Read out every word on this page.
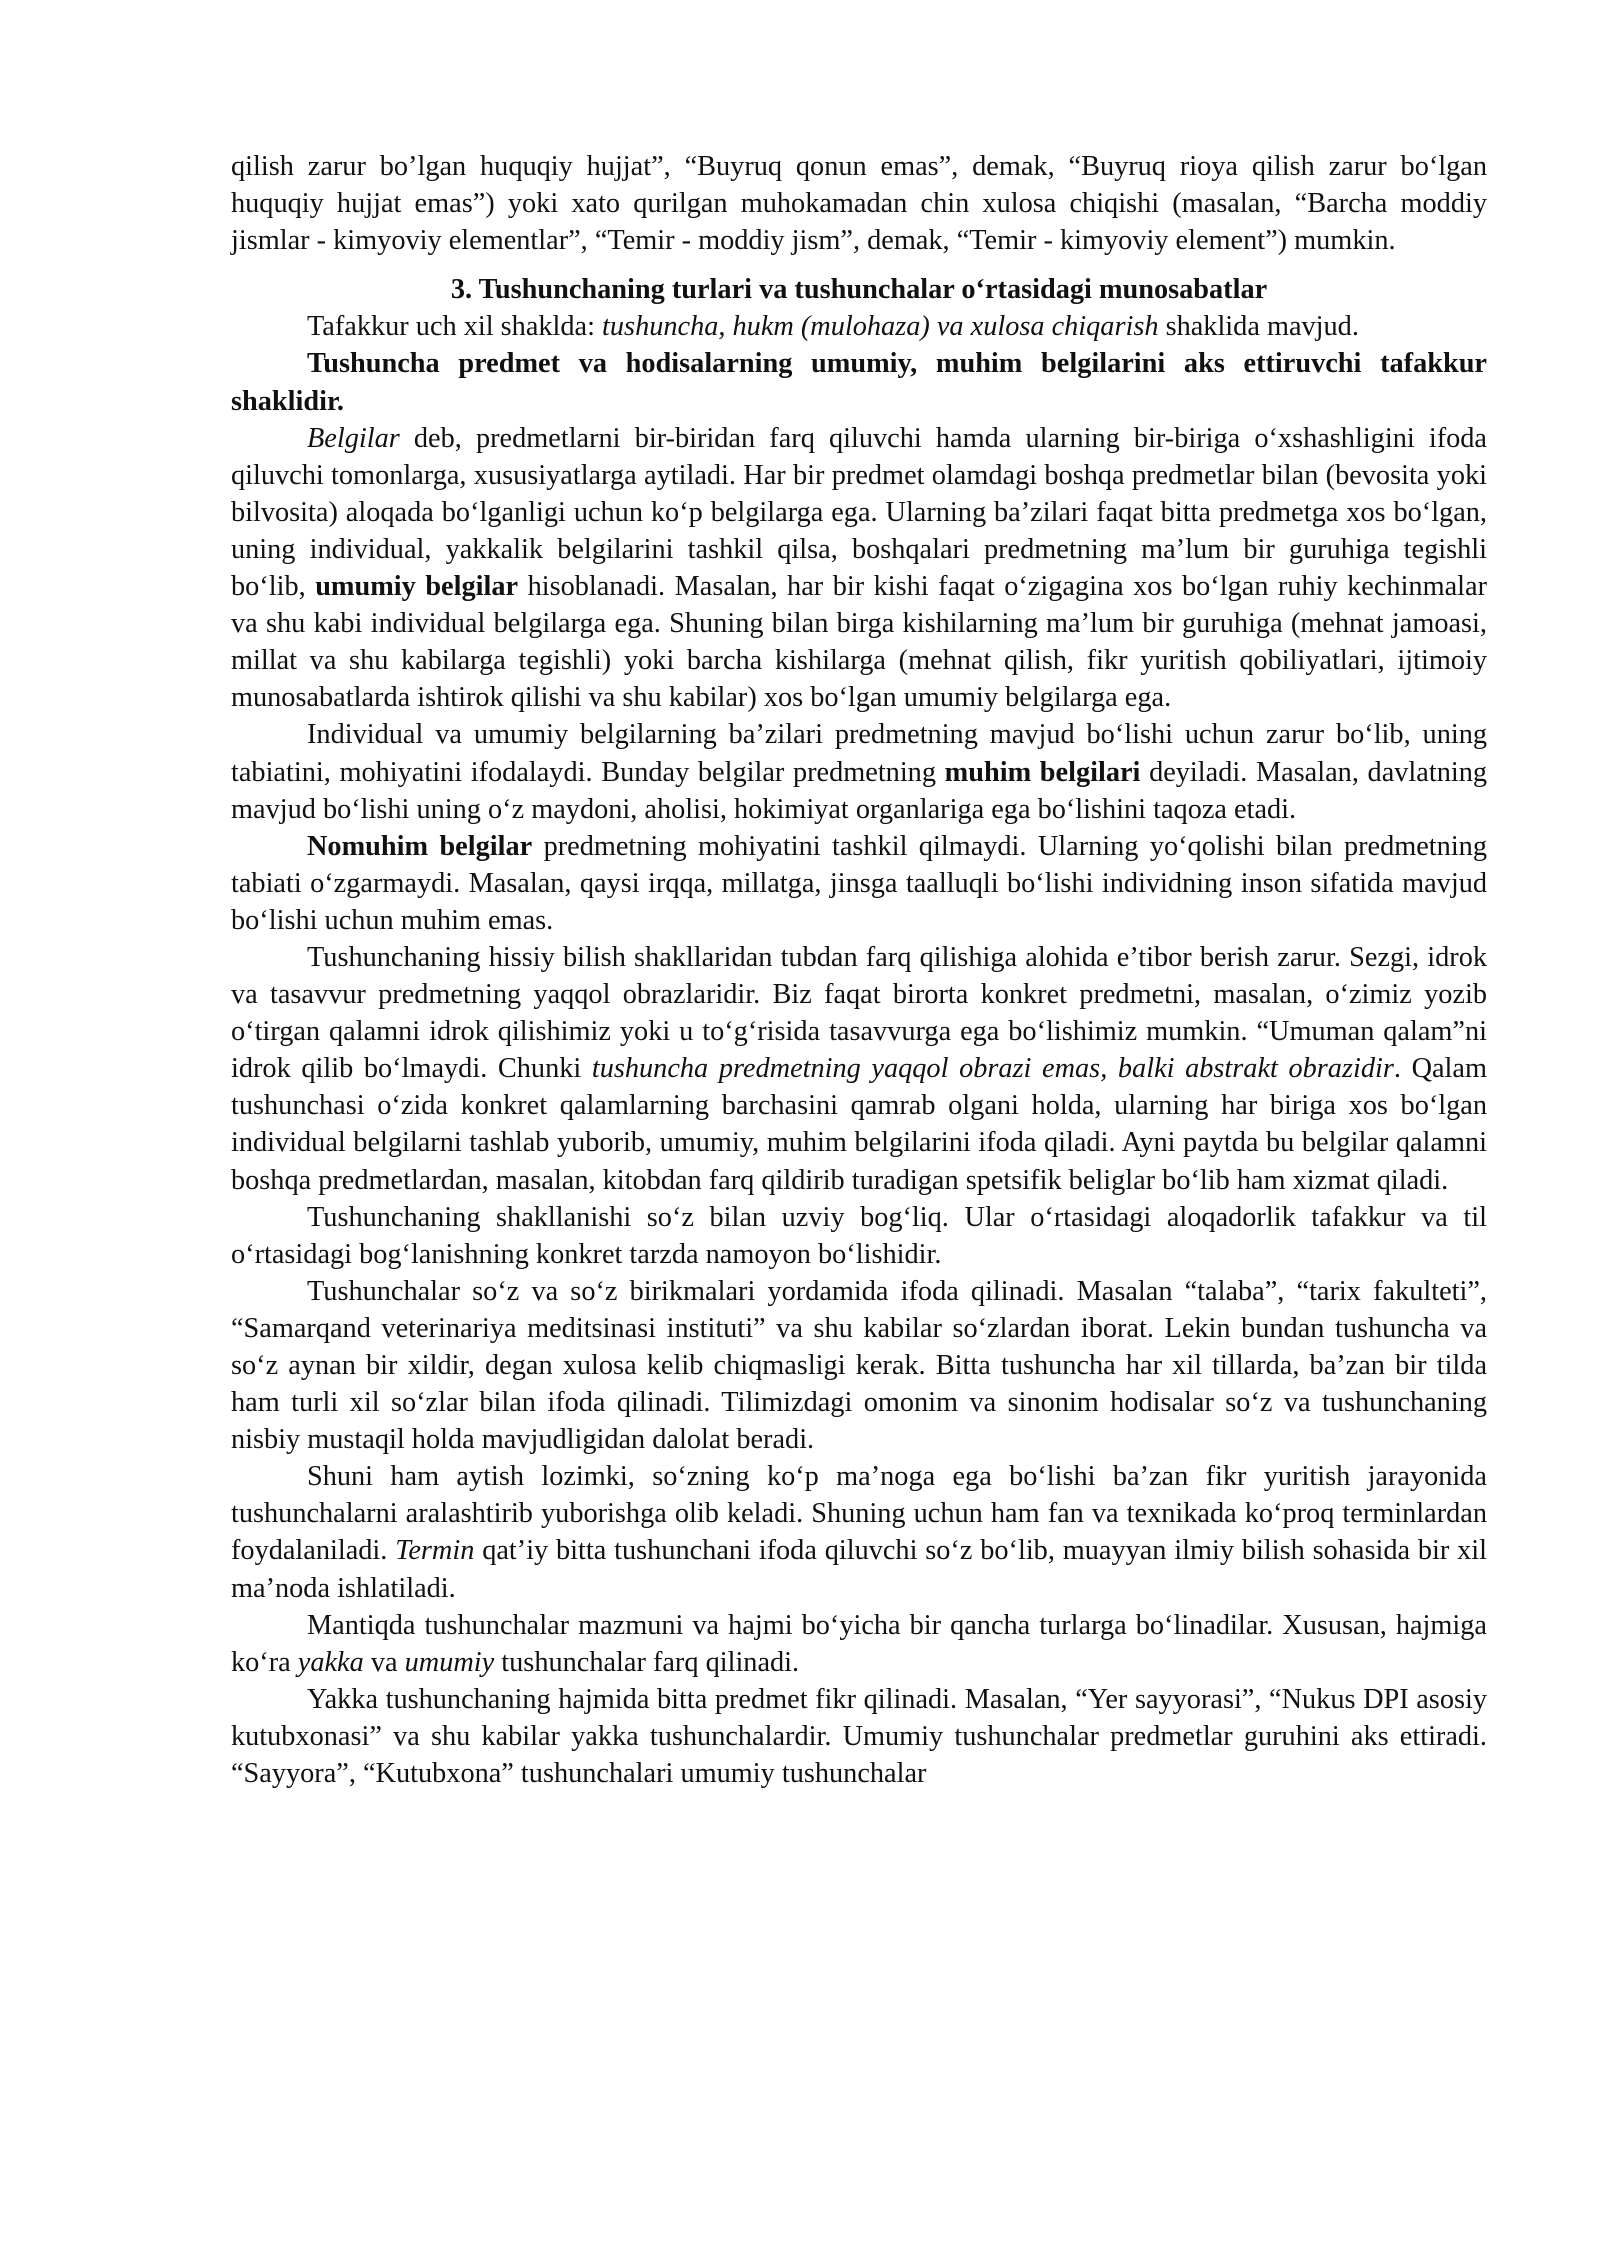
qilish zarur bo’lgan huquqiy hujjat”, “Buyruq qonun emas”, demak, “Buyruq rioya qilish zarur bo‘lgan huquqiy hujjat emas”) yoki xato qurilgan muhokamadan chin xulosa chiqishi (masalan, “Barcha moddiy jismlar - kimyoviy elementlar”, “Temir - moddiy jism”, demak, “Temir - kimyoviy element”) mumkin.

3. Tushunchaning turlari va tushunchalar o‘rtasidagi munosabatlar

Tafakkur uch xil shaklda: tushuncha, hukm (mulohaza) va xulosa chiqarish shaklida mavjud.

Tushuncha predmet va hodisalarning umumiy, muhim belgilarini aks ettiruvchi tafakkur shaklidir.

Belgilar deb, predmetlarni bir-biridan farq qiluvchi hamda ularning bir-biriga o‘xshashligini ifoda qiluvchi tomonlarga, xususiyatlarga aytiladi. Har bir predmet olamdagi boshqa predmetlar bilan (bevosita yoki bilvosita) aloqada bo‘lganligi uchun ko‘p belgilarga ega. Ularning ba’zilari faqat bitta predmetga xos bo‘lgan, uning individual, yakkalik belgilarini tashkil qilsa, boshqalari predmetning ma’lum bir guruhiga tegishli bo‘lib, umumiy belgilar hisoblanadi. Masalan, har bir kishi faqat o‘zigagina xos bo‘lgan ruhiy kechinmalar va shu kabi individual belgilarga ega. Shuning bilan birga kishilarning ma’lum bir guruhiga (mehnat jamoasi, millat va shu kabilarga tegishli) yoki barcha kishilarga (mehnat qilish, fikr yuritish qobiliyatlari, ijtimoiy munosabatlarda ishtirok qilishi va shu kabilar) xos bo‘lgan umumiy belgilarga ega.

Individual va umumiy belgilarning ba’zilari predmetning mavjud bo‘lishi uchun zarur bo‘lib, uning tabiatini, mohiyatini ifodalaydi. Bunday belgilar predmetning muhim belgilari deyiladi. Masalan, davlatning mavjud bo‘lishi uning o‘z maydoni, aholisi, hokimiyat organlariga ega bo‘lishini taqoza etadi.

Nomuhim belgilar predmetning mohiyatini tashkil qilmaydi. Ularning yo‘qolishi bilan predmetning tabiati o‘zgarmaydi. Masalan, qaysi irqqa, millatga, jinsga taalluqli bo‘lishi individning inson sifatida mavjud bo‘lishi uchun muhim emas.

Tushunchaning hissiy bilish shakllaridan tubdan farq qilishiga alohida e’tibor berish zarur. Sezgi, idrok va tasavvur predmetning yaqqol obrazlaridir. Biz faqat birorta konkret predmetni, masalan, o‘zimiz yozib o‘tirgan qalamni idrok qilishimiz yoki u to‘g‘risida tasavvurga ega bo‘lishimiz mumkin. “Umuman qalam”ni idrok qilib bo‘lmaydi. Chunki tushuncha predmetning yaqqol obrazi emas, balki abstrakt obrazidir. Qalam tushunchasi o‘zida konkret qalamlarning barchasini qamrab olgani holda, ularning har biriga xos bo‘lgan individual belgilarni tashlab yuborib, umumiy, muhim belgilarini ifoda qiladi. Ayni paytda bu belgilar qalamni boshqa predmetlardan, masalan, kitobdan farq qildirib turadigan spetsifik beliglar bo‘lib ham xizmat qiladi.

Tushunchaning shakllanishi so‘z bilan uzviy bog‘liq. Ular o‘rtasidagi aloqadorlik tafakkur va til o‘rtasidagi bog‘lanishning konkret tarzda namoyon bo‘lishidir.

Tushunchalar so‘z va so‘z birikmalari yordamida ifoda qilinadi. Masalan “talaba”, “tarix fakulteti”, “Samarqand veterinariya meditsinasi instituti” va shu kabilar so‘zlardan iborat. Lekin bundan tushuncha va so‘z aynan bir xildir, degan xulosa kelib chiqmasligi kerak. Bitta tushuncha har xil tillarda, ba’zan bir tilda ham turli xil so‘zlar bilan ifoda qilinadi. Tilimizdagi omonim va sinonim hodisalar so‘z va tushunchaning nisbiy mustaqil holda mavjudligidan dalolat beradi.

Shuni ham aytish lozimki, so‘zning ko‘p ma’noga ega bo‘lishi ba’zan fikr yuritish jarayonida tushunchalarni aralashtirib yuborishga olib keladi. Shuning uchun ham fan va texnikada ko‘proq terminlardan foydalaniladi. Termin qat’iy bitta tushunchani ifoda qiluvchi so‘z bo‘lib, muayyan ilmiy bilish sohasida bir xil ma’noda ishlatiladi.

Mantiqda tushunchalar mazmuni va hajmi bo‘yicha bir qancha turlarga bo‘linadilar. Xususan, hajmiga ko‘ra yakka va umumiy tushunchalar farq qilinadi.

Yakka tushunchaning hajmida bitta predmet fikr qilinadi. Masalan, “Yer sayyorasi”, “Nukus DPI asosiy kutubxonasi” va shu kabilar yakka tushunchalardir. Umumiy tushunchalar predmetlar guruhini aks ettiradi. “Sayyora”, “Kutubxona” tushunchalari umumiy tushunchalar
